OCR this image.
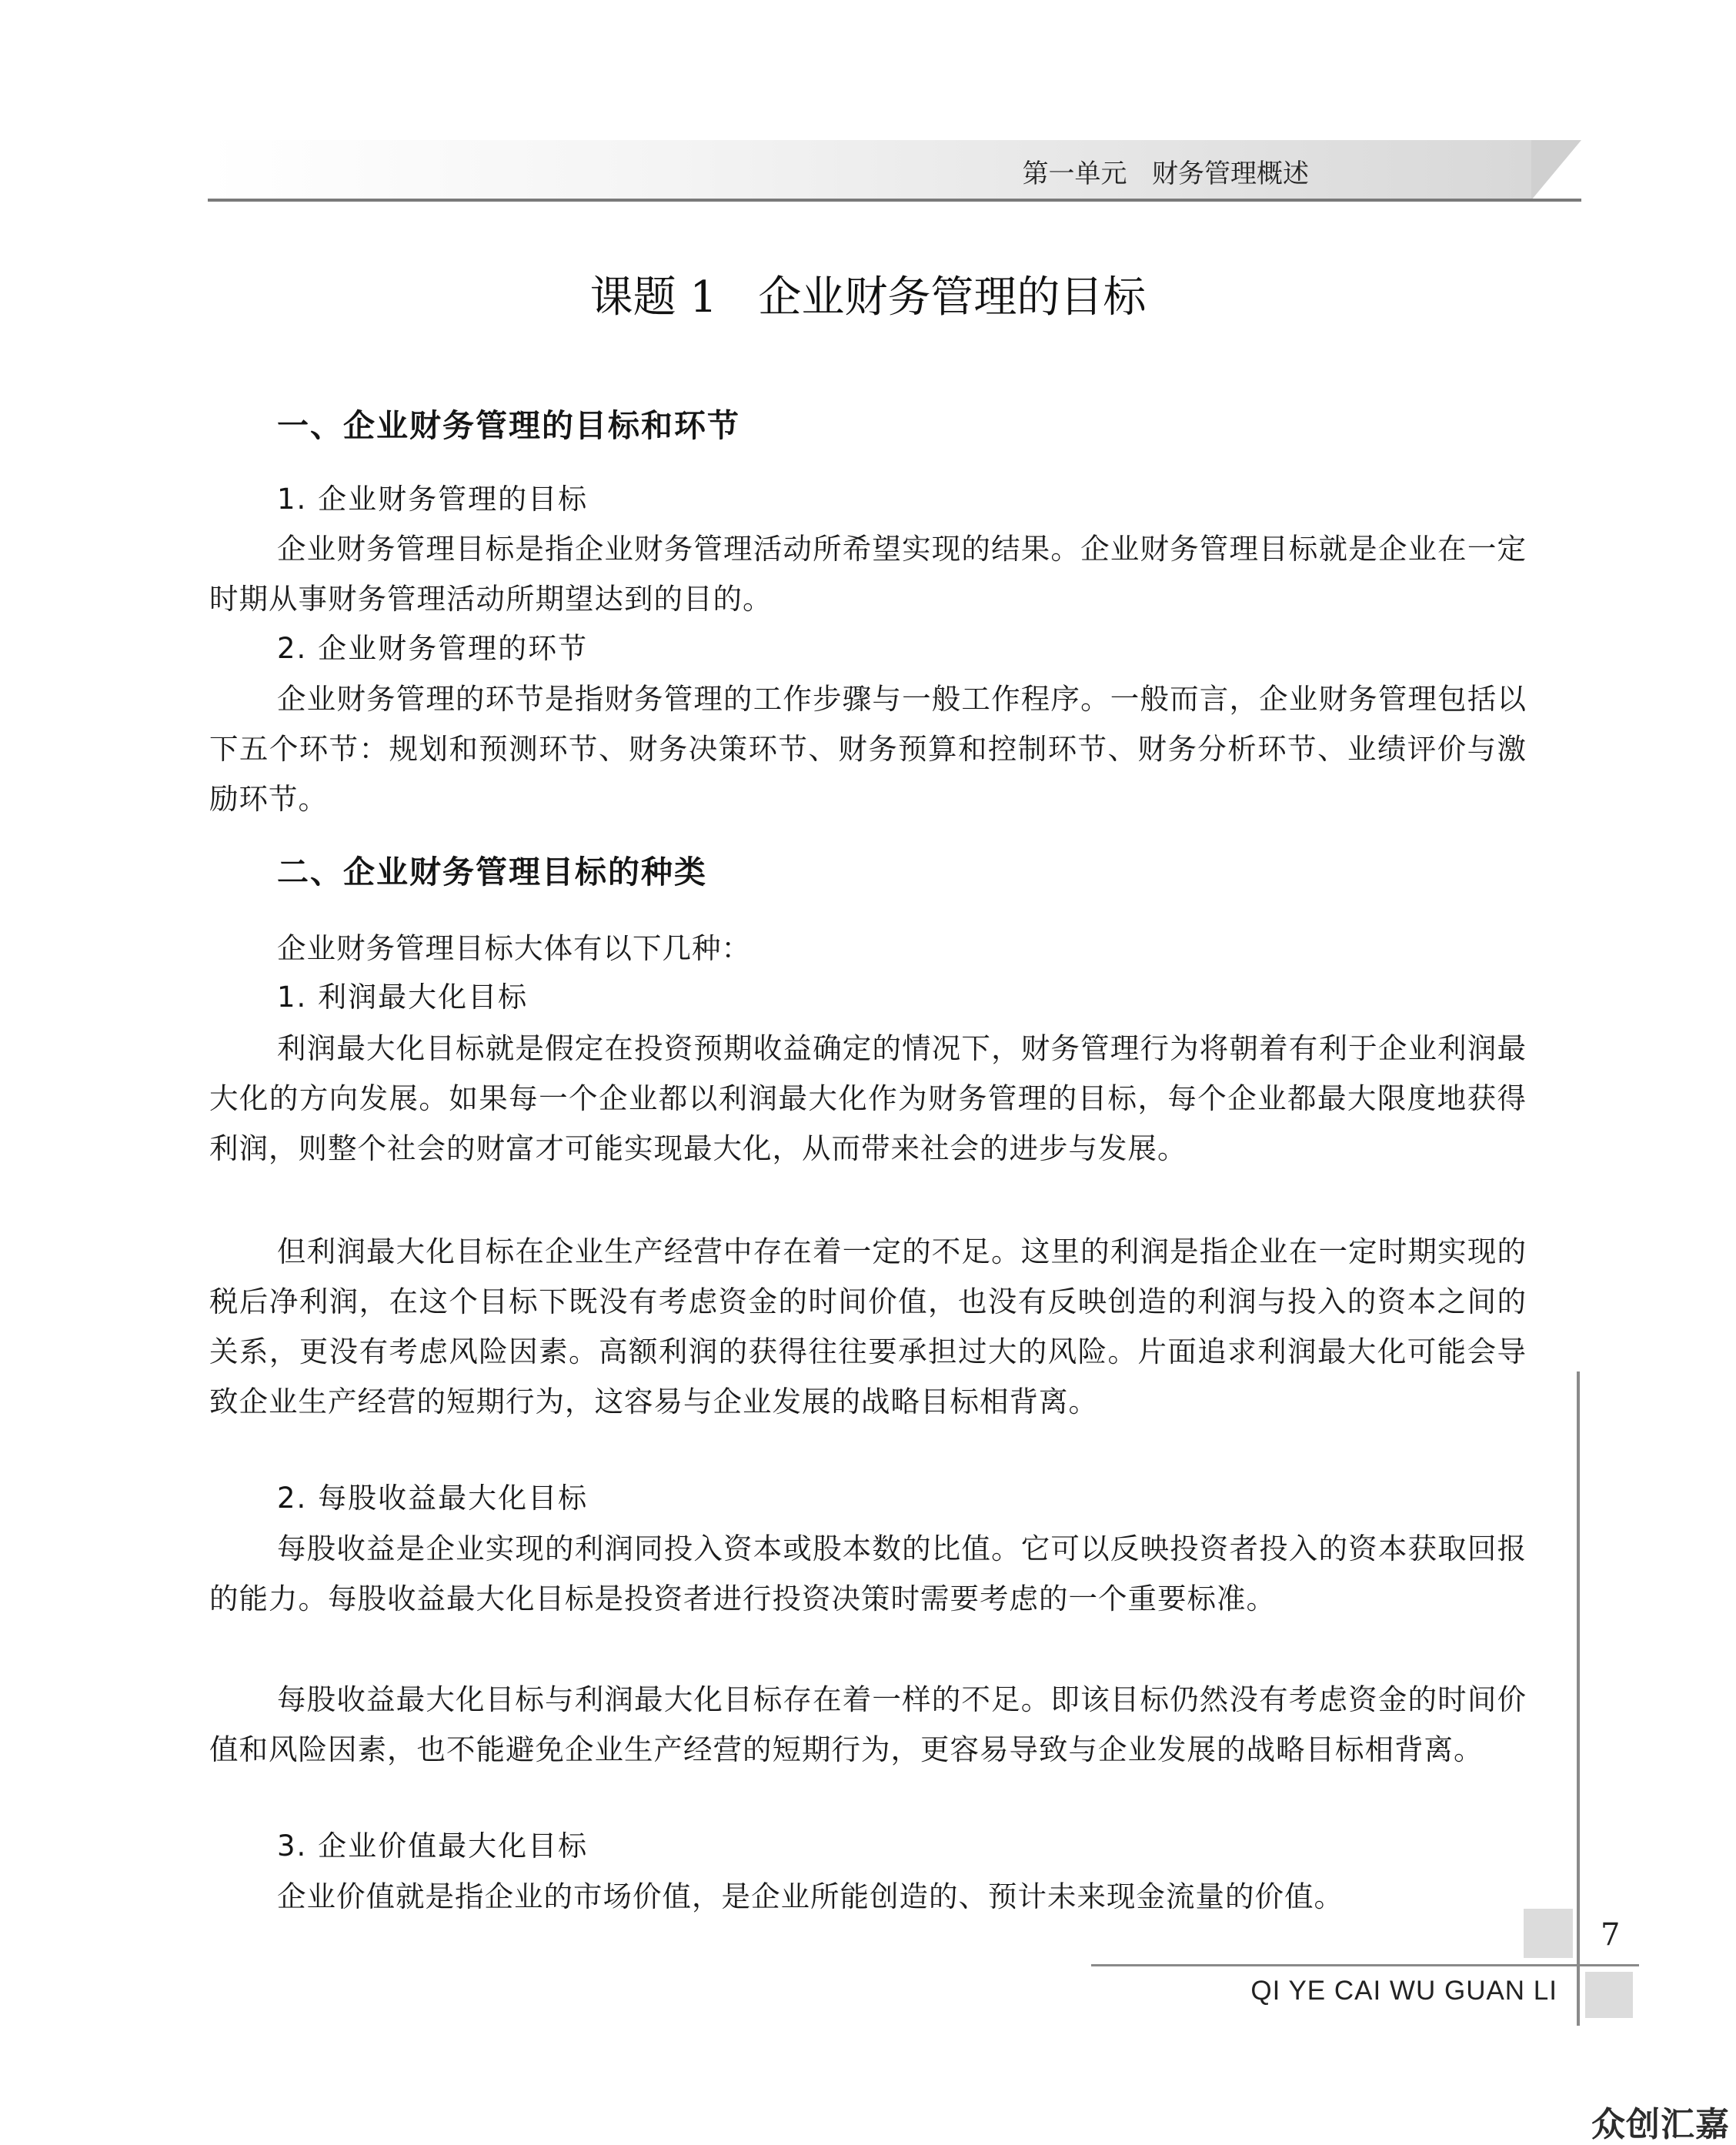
第一单元   财务管理概述
课题 1 企业财务管理的目标
一、企业财务管理的目标和环节
1. 企业财务管理的目标

企业财务管理目标是指企业财务管理活动所希望实现的结果。企业财务管理目标就是企业在一定时期从事财务管理活动所期望达到的目的。

2. 企业财务管理的环节

企业财务管理的环节是指财务管理的工作步骤与一般工作程序。一般而言，企业财务管理包括以下五个环节：规划和预测环节、财务决策环节、财务预算和控制环节、财务分析环节、业绩评价与激励环节。

二、企业财务管理目标的种类

企业财务管理目标大体有以下几种：

1. 利润最大化目标

利润最大化目标就是假定在投资预期收益确定的情况下，财务管理行为将朝着有利于企业利润最大化的方向发展。如果每一个企业都以利润最大化作为财务管理的目标，每个企业都最大限度地获得利润，则整个社会的财富才可能实现最大化，从而带来社会的进步与发展。

但利润最大化目标在企业生产经营中存在着一定的不足。这里的利润是指企业在一定时期实现的税后净利润，在这个目标下既没有考虑资金的时间价值，也没有反映创造的利润与投入的资本之间的关系，更没有考虑风险因素。高额利润的获得往往要承担过大的风险。片面追求利润最大化可能会导致企业生产经营的短期行为，这容易与企业发展的战略目标相背离。

2. 每股收益最大化目标

每股收益是企业实现的利润同投入资本或股本数的比值。它可以反映投资者投入的资本获取回报的能力。每股收益最大化目标是投资者进行投资决策时需要考虑的一个重要标准。

每股收益最大化目标与利润最大化目标存在着一样的不足。即该目标仍然没有考虑资金的时间价值和风险因素，也不能避免企业生产经营的短期行为，更容易导致与企业发展的战略目标相背离。

3. 企业价值最大化目标

企业价值就是指企业的市场价值，是企业所能创造的、预计未来现金流量的价值。

7
QI YE CAI WU GUAN LI
众创汇嘉
